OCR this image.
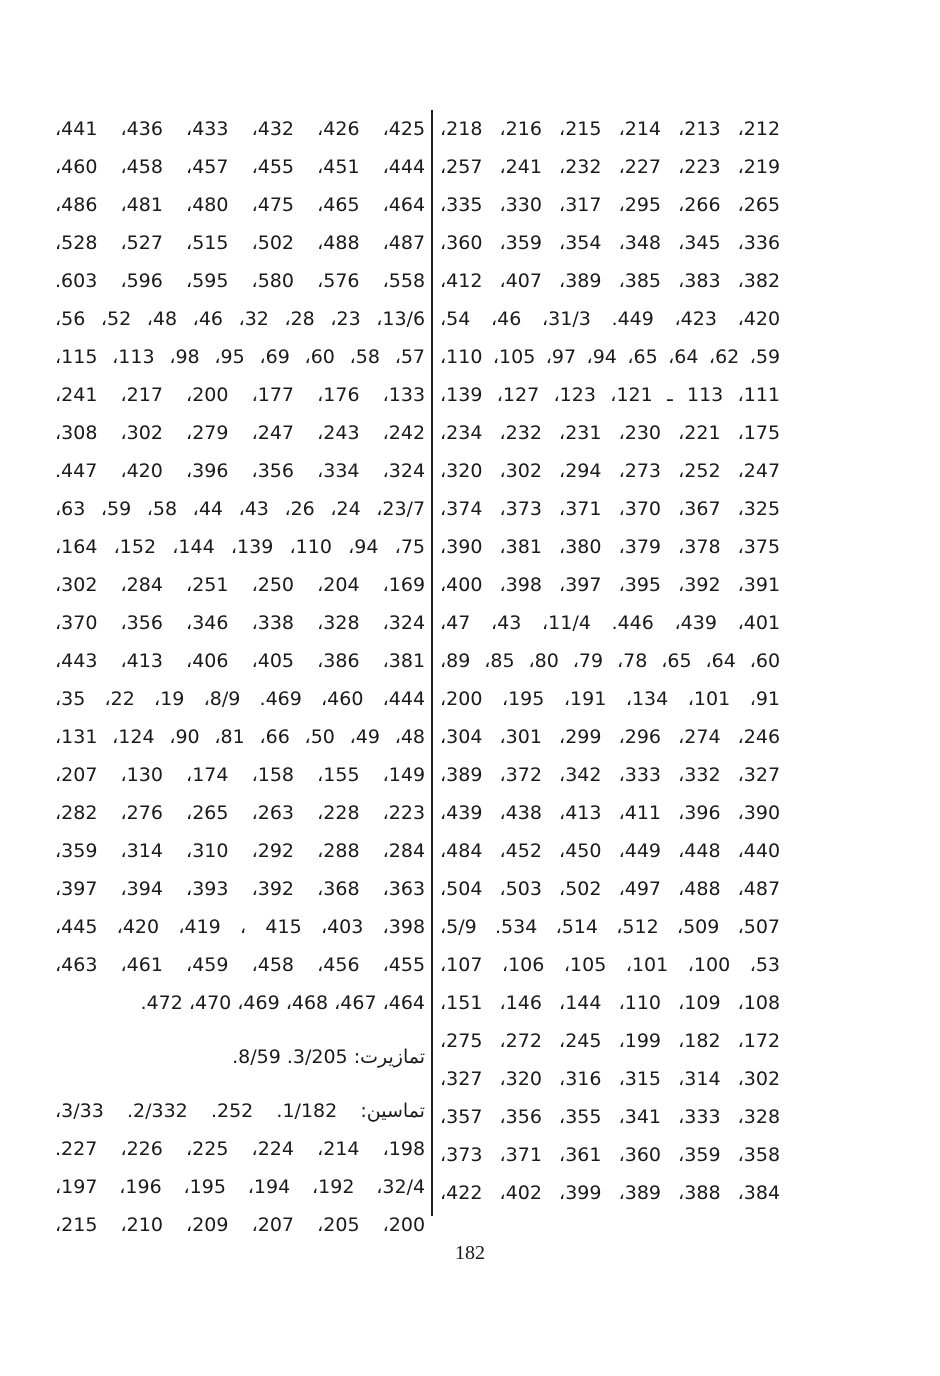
212، 213، 214، 215، 216، 218،
219، 223، 227، 232، 241، 257،
265، 266، 295، 317، 330، 335،
336، 345، 348، 354، 359، 360،
382، 383، 385، 389، 407، 412،
420، 423، 449. 31/3، 46، 54،
59، 62، 64، 65، 94، 97، 105، 110،
111، 113 ـ 121، 123، 127، 139،
175، 221، 230، 231، 232، 234،
247، 252، 273، 294، 302، 320،
325، 367، 370، 371، 373، 374،
375، 378، 379، 380، 381، 390،
391، 392، 395، 397، 398، 400،
401، 439، 446. 11/4، 43، 47،
60، 64، 65، 78، 79، 80، 85، 89،
91، 101، 134، 191، 195، 200،
246، 274، 296، 299، 301، 304،
327، 332، 333، 342، 372، 389،
390، 396، 411، 413، 438، 439،
440، 448، 449، 450، 452، 484،
487، 488، 497، 502، 503، 504،
507، 509، 512، 514، 534. 5/9،
53، 100، 101، 105، 106، 107،
108، 109، 110، 144، 146، 151،
172، 182، 199، 245، 272، 275،
302، 314، 315، 316، 320، 327،
328، 333، 341، 355، 356، 357،
358، 359، 360، 361، 371، 373،
384، 388، 389، 399، 402، 422،
425، 426، 432، 433، 436، 441،
444، 451، 455، 457، 458، 460،
464، 465، 475، 480، 481، 486،
487، 488، 502، 515، 527، 528،
558، 576، 580، 595، 596، 603.
13/6، 23، 28، 32، 46، 48، 52، 56،
57، 58، 60، 69، 95، 98، 113، 115،
133، 176، 177، 200، 217، 241،
242، 243، 247، 279، 302، 308،
324، 334، 356، 396، 420، 447.
23/7، 24، 26، 43، 44، 58، 59، 63،
75، 94، 110، 139، 144، 152، 164،
169، 204، 250، 251، 284، 302،
324، 328، 338، 346، 356، 370،
381، 386، 405، 406، 413، 443،
444، 460، 469. 8/9، 19، 22، 35،
48، 49، 50، 66، 81، 90، 124، 131،
149، 155، 158، 174، 130، 207،
223، 228، 263، 265، 276، 282،
284، 288، 292، 310، 314، 359،
363، 368، 392، 393، 394، 397،
398، 403، 415 ، 419، 420، 445،
455، 456، 458، 459، 461، 463،
464، 467، 468، 469، 470، 472.
تمازيرت: 3/205. 8/59.
تماسين: 1/182. 252. 2/332. 3/33،
198، 214، 224، 225، 226، 227.
32/4، 192، 194، 195، 196، 197،
200، 205، 207، 209، 210، 215،
182
